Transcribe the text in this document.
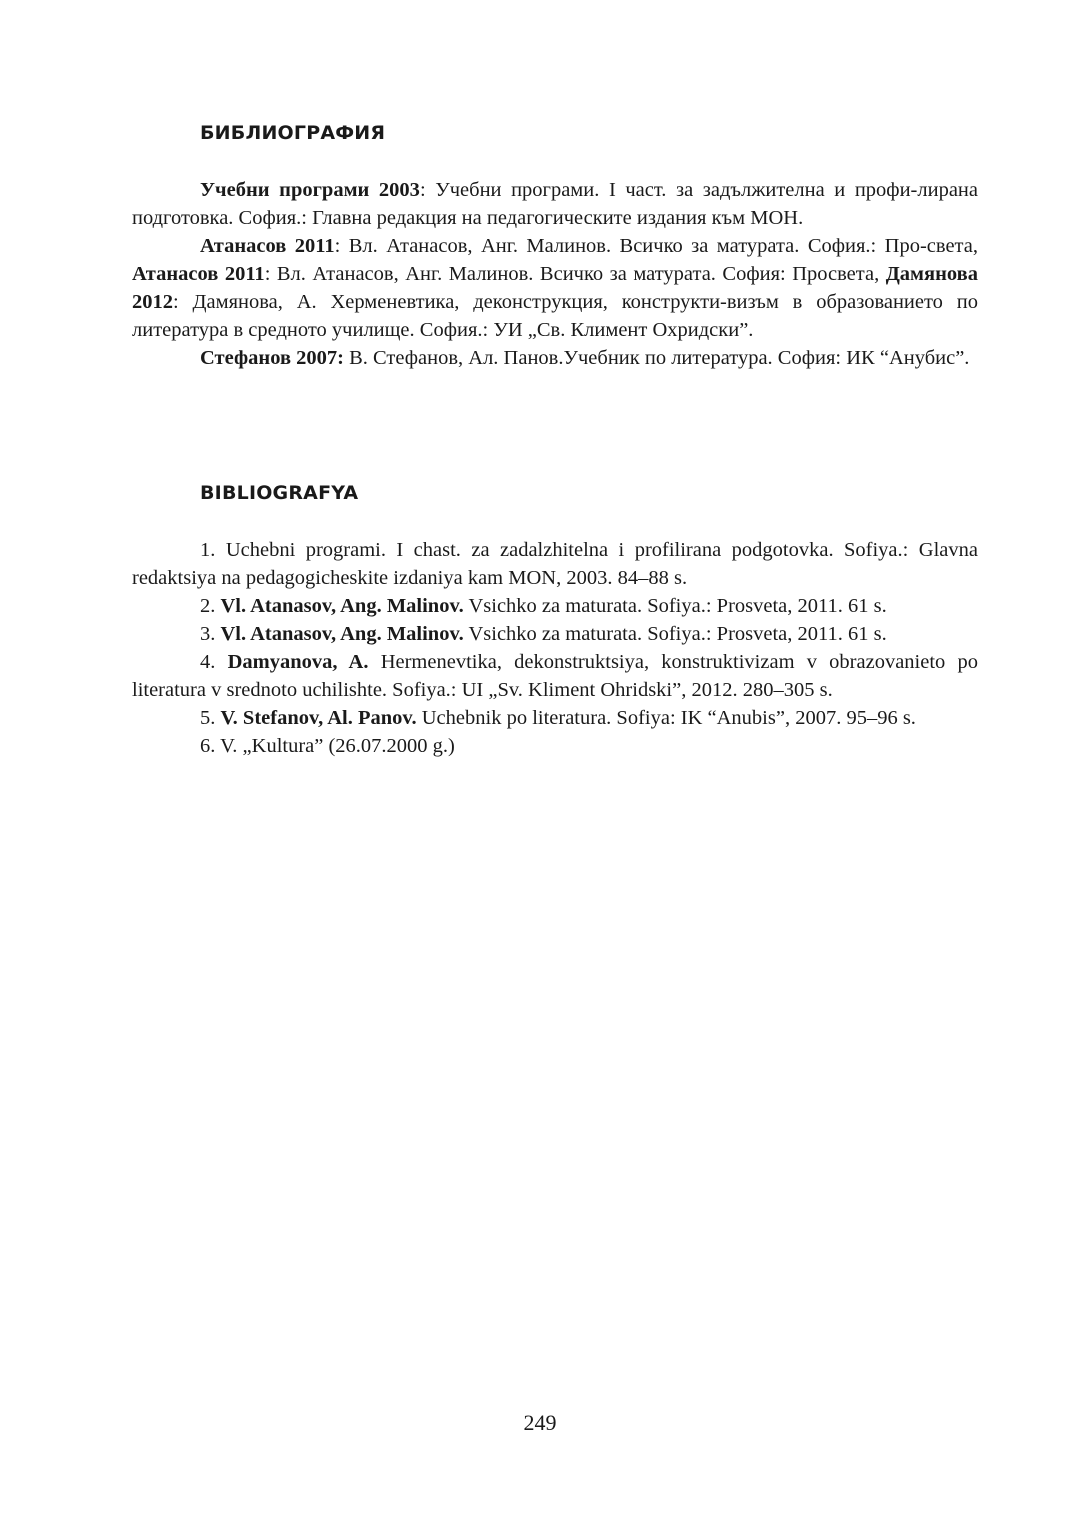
БИБЛИОГРАФИЯ

Учебни програми 2003: Учебни програми. I част. за задължителна и профи-лирана подготовка. София.: Главна редакция на педагогическите издания към МОН.

Атанасов 2011: Вл. Атанасов, Анг. Малинов. Всичко за матурата. София.: Про-света, Атанасов 2011: Вл. Атанасов, Анг. Малинов. Всичко за матурата. София: Просвета, Дамянова 2012: Дамянова, А. Херменевтика, деконструкция, конструкти-визъм в образованието по литература в средното училище. София.: УИ „Св. Климент Охридски”.

Стефанов 2007: В. Стефанов, Ал. Панов.Учебник по литература. София: ИК “Анубис”.

BIBLIOGRAFYA

1. Uchebni programi. I chast. za zadalzhitelna i profilirana podgotovka. Sofiya.: Glavna redaktsiya na pedagogicheskite izdaniya kam MON, 2003. 84–88 s.

2. Vl. Atanasov, Ang. Malinov. Vsichko za maturata. Sofiya.: Prosveta, 2011. 61 s.

3. Vl. Atanasov, Ang. Malinov. Vsichko za maturata. Sofiya.: Prosveta, 2011. 61 s.

4. Damyanova, A. Hermenevtika, dekonstruktsiya, konstruktivizam v obrazovanieto po literatura v srednoto uchilishte. Sofiya.: UI „Sv. Kliment Ohridski”, 2012. 280–305 s.

5. V. Stefanov, Al. Panov. Uchebnik po literatura. Sofiya: IK “Anubis”, 2007. 95–96 s.

6. V. „Kultura” (26.07.2000 g.)

249
